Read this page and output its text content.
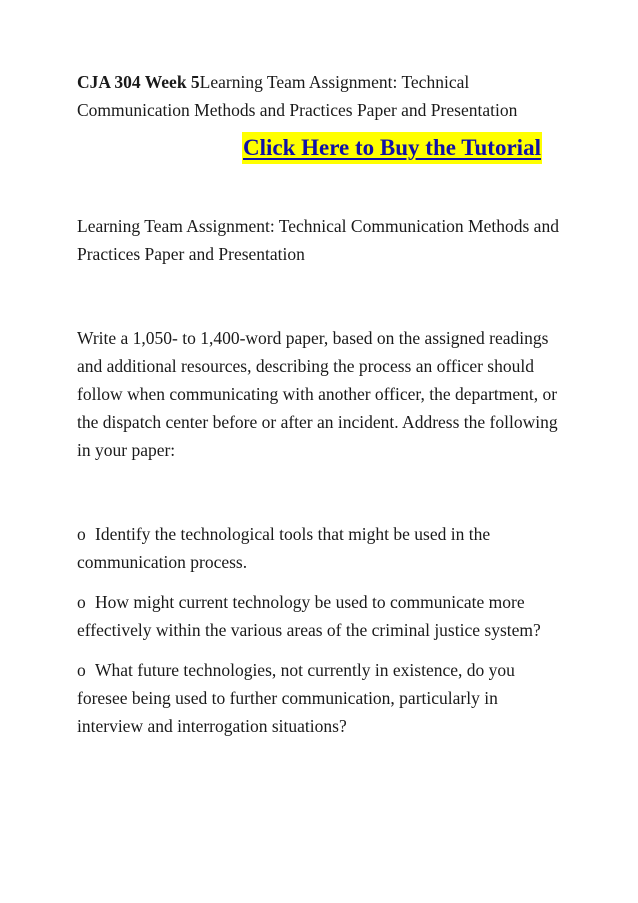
CJA 304 Week 5Learning Team Assignment: Technical Communication Methods and Practices Paper and Presentation

Click Here to Buy the Tutorial

Learning Team Assignment: Technical Communication Methods and Practices Paper and Presentation

Write a 1,050- to 1,400-word paper, based on the assigned readings and additional resources, describing the process an officer should follow when communicating with another officer, the department, or the dispatch center before or after an incident. Address the following in your paper:

o Identify the technological tools that might be used in the communication process.

o How might current technology be used to communicate more effectively within the various areas of the criminal justice system?

o What future technologies, not currently in existence, do you foresee being used to further communication, particularly in interview and interrogation situations?
